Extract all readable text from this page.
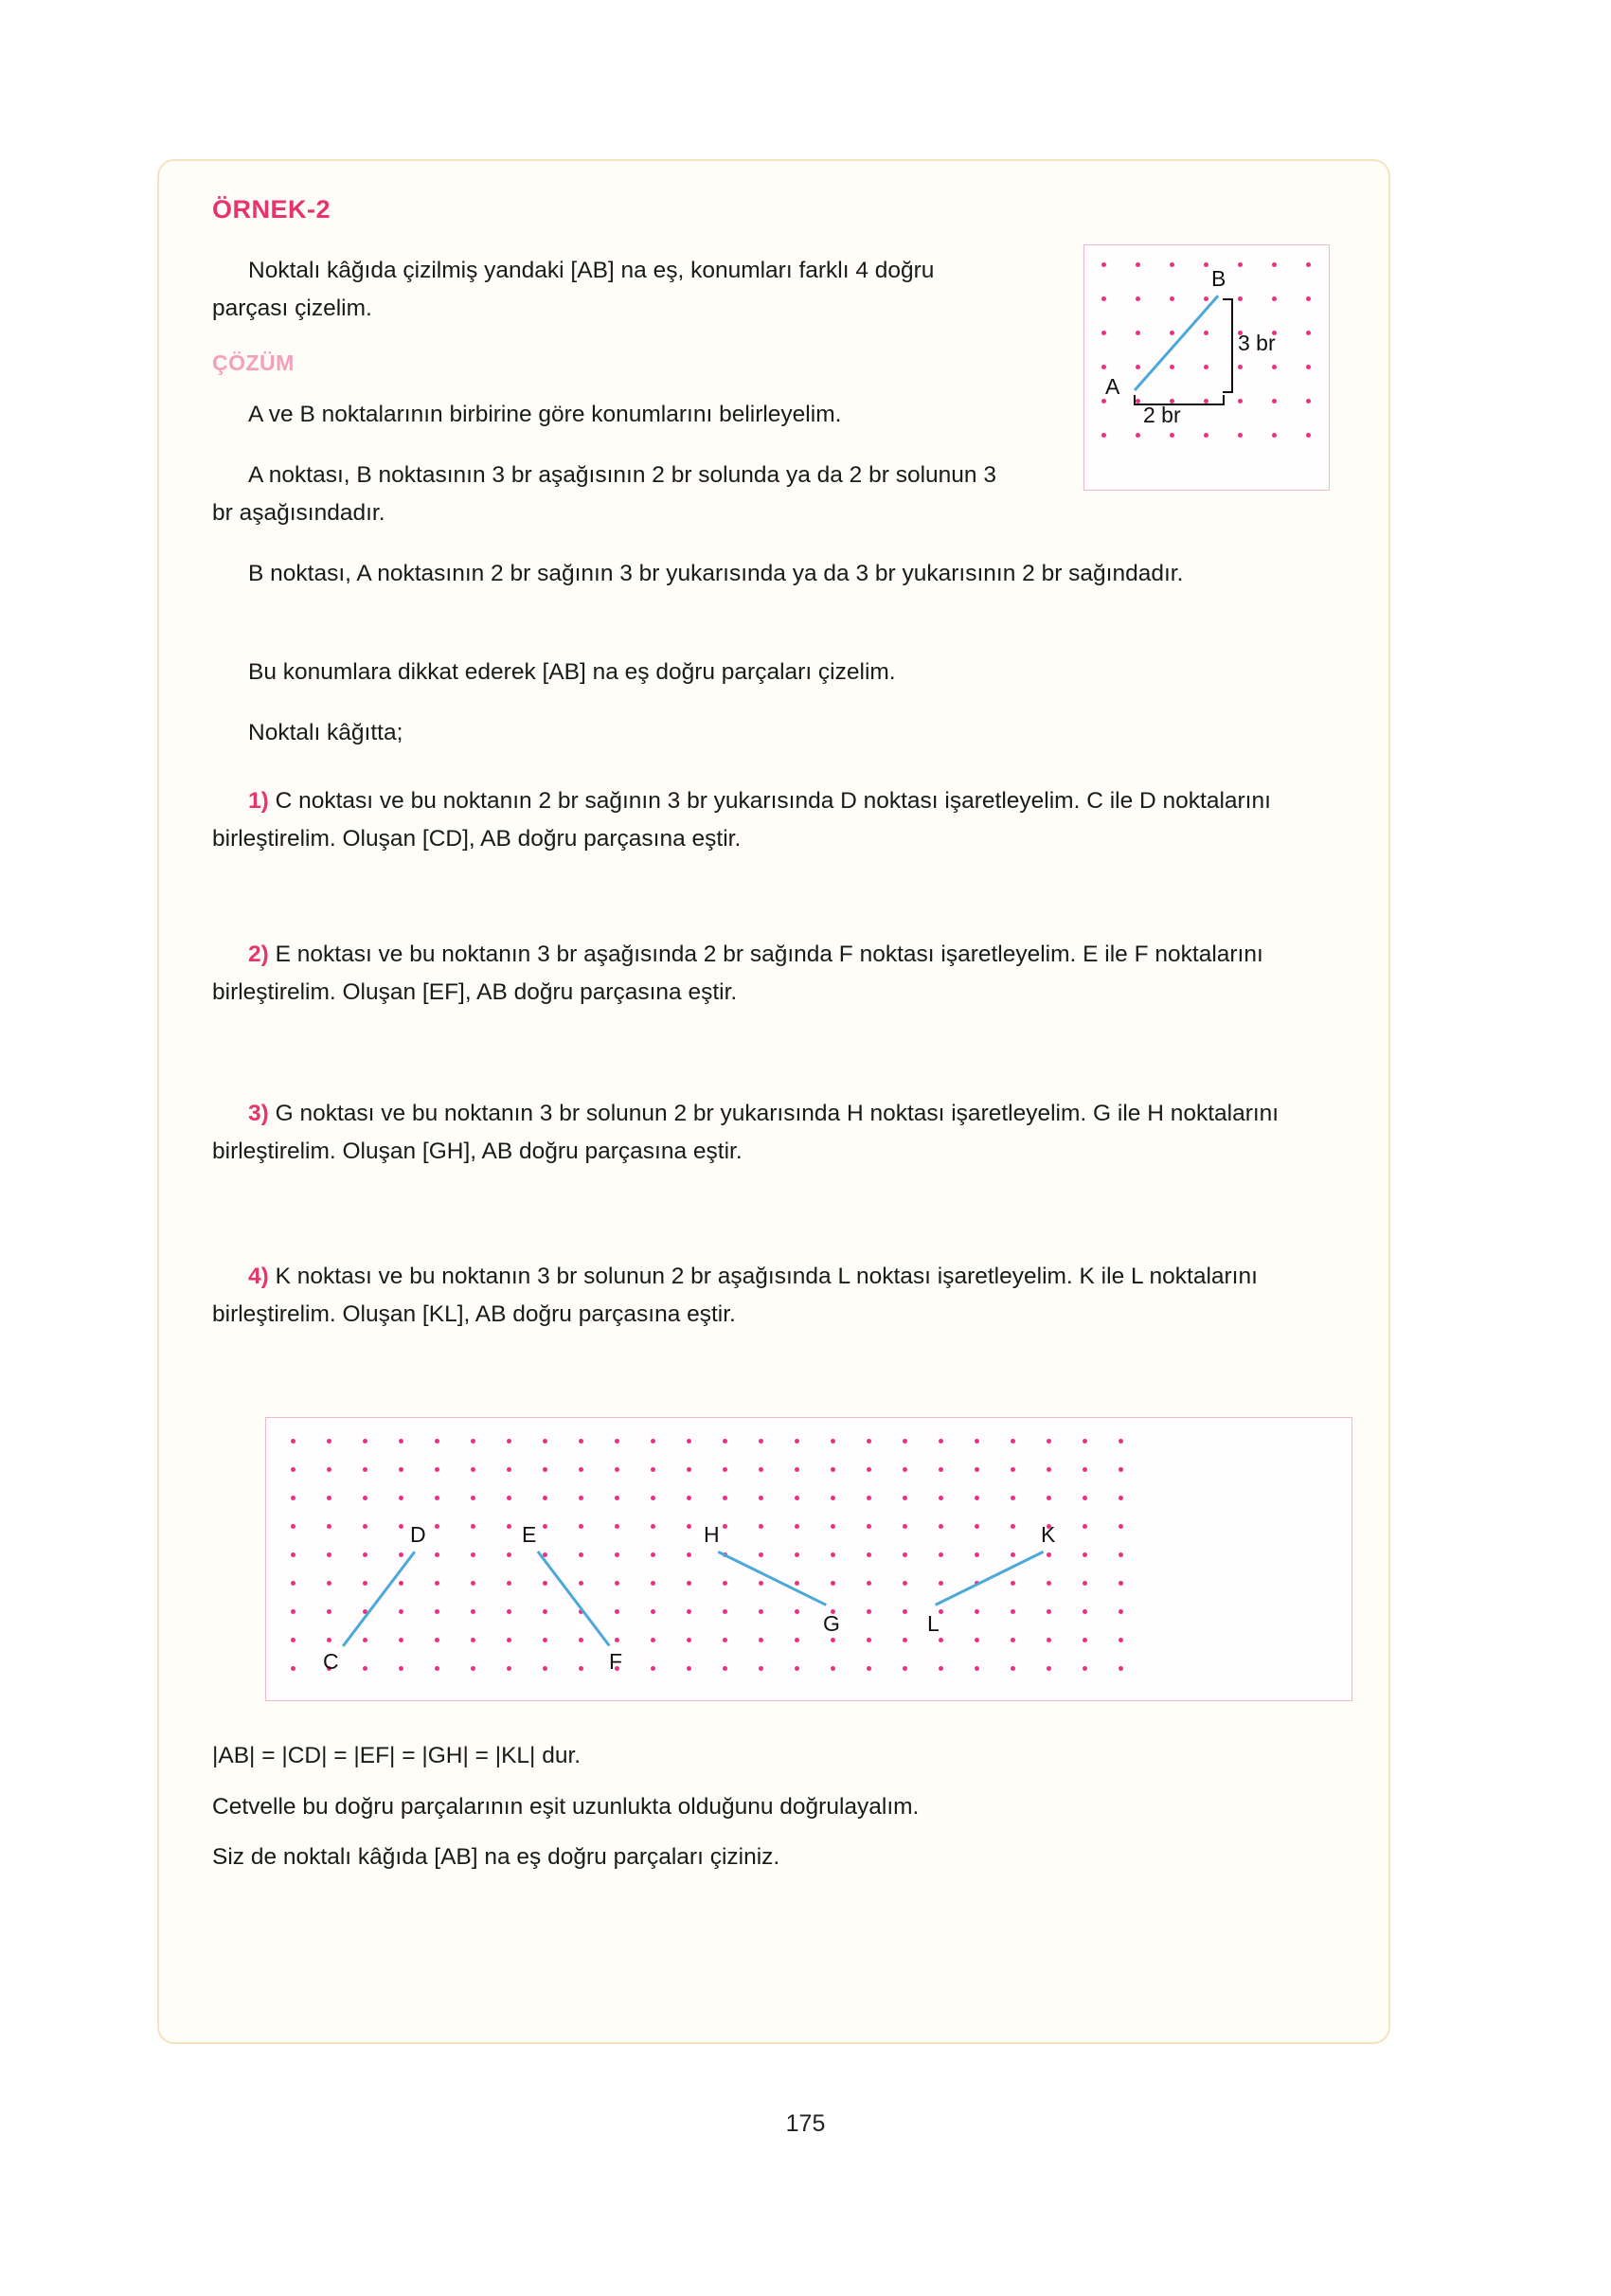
ÖRNEK-2

Noktalı kâğıda çizilmiş yandaki [AB] na eş, konumları farklı 4 doğru parçası çizelim.

ÇÖZÜM

A ve B noktalarının birbirine göre konumlarını belirleyelim.

A noktası, B noktasının 3 br aşağısının 2 br solunda ya da 2 br solunun 3 br aşağısındadır.

B noktası, A noktasının 2 br sağının 3 br yukarısında ya da 3 br yukarısının 2 br sağındadır.

Bu konumlara dikkat ederek [AB] na eş doğru parçaları çizelim.

Noktalı kâğıtta;

1) C noktası ve bu noktanın 2 br sağının 3 br yukarısında D noktası işaretleyelim. C ile D noktalarını birleştirelim. Oluşan [CD], AB doğru parçasına eştir.

2) E noktası ve bu noktanın 3 br aşağısında 2 br sağında F noktası işaretleyelim. E ile F noktalarını birleştirelim. Oluşan [EF], AB doğru parçasına eştir.

3) G noktası ve bu noktanın 3 br solunun 2 br yukarısında H noktası işaretleyelim. G ile H noktalarını birleştirelim. Oluşan [GH], AB doğru parçasına eştir.

4) K noktası ve bu noktanın 3 br solunun 2 br aşağısında L noktası işaretleyelim. K ile L noktalarını birleştirelim. Oluşan [KL], AB doğru parçasına eştir.

|AB| = |CD| = |EF| = |GH| = |KL| dur.

Cetvelle bu doğru parçalarının eşit uzunlukta olduğunu doğrulayalım.

Siz de noktalı kâğıda [AB] na eş doğru parçaları çiziniz.

A
B
3 br
2 br
C
D	E
F
G
H	K
L
175
